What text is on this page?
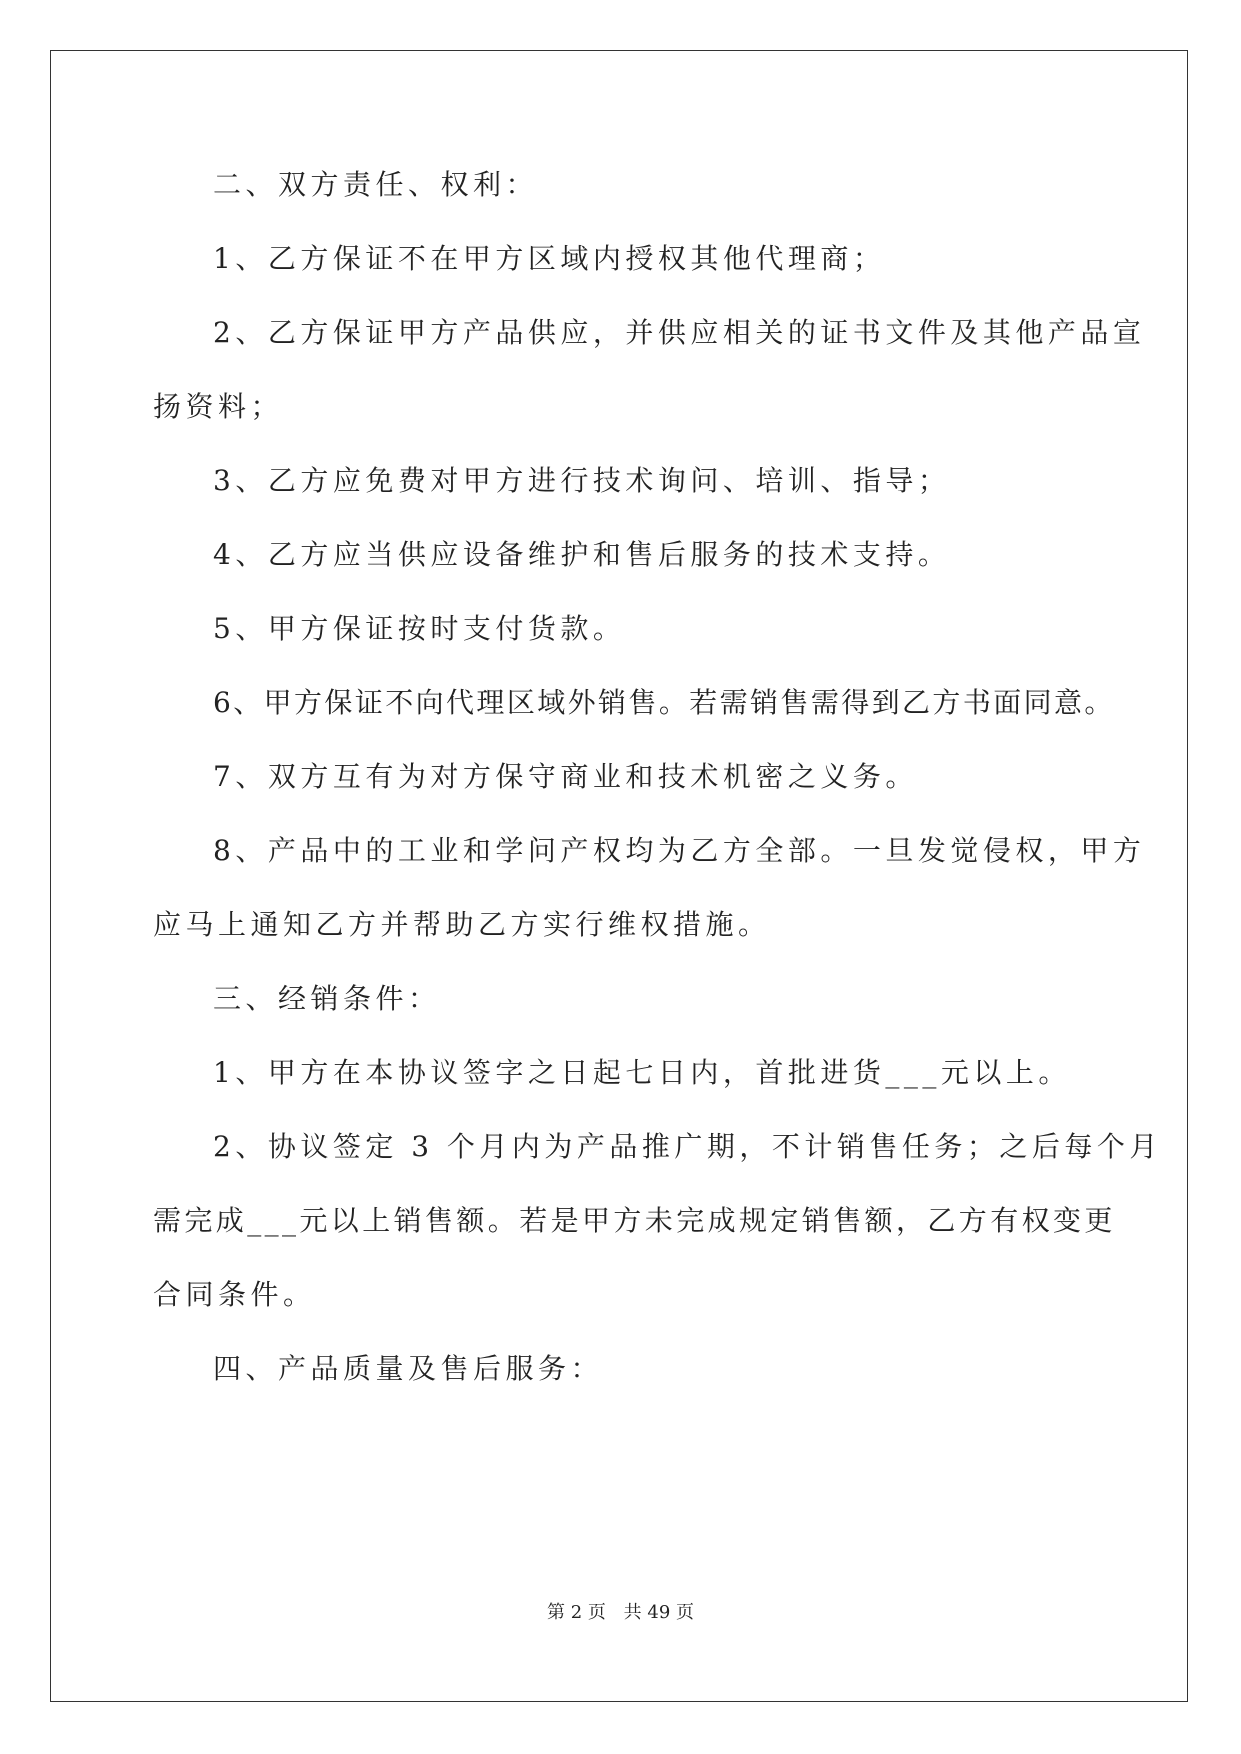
二、双方责任、权利：
1、乙方保证不在甲方区域内授权其他代理商；
2、乙方保证甲方产品供应，并供应相关的证书文件及其他产品宣
扬资料；
3、乙方应免费对甲方进行技术询问、培训、指导；
4、乙方应当供应设备维护和售后服务的技术支持。
5、甲方保证按时支付货款。
6、甲方保证不向代理区域外销售。若需销售需得到乙方书面同意。
7、双方互有为对方保守商业和技术机密之义务。
8、产品中的工业和学问产权均为乙方全部。一旦发觉侵权，甲方
应马上通知乙方并帮助乙方实行维权措施。
三、经销条件：
1、甲方在本协议签字之日起七日内，首批进货___元以上。
2、协议签定 3 个月内为产品推广期，不计销售任务；之后每个月
需完成___元以上销售额。若是甲方未完成规定销售额，乙方有权变更
合同条件。
四、产品质量及售后服务：
第 2 页 共 49 页
